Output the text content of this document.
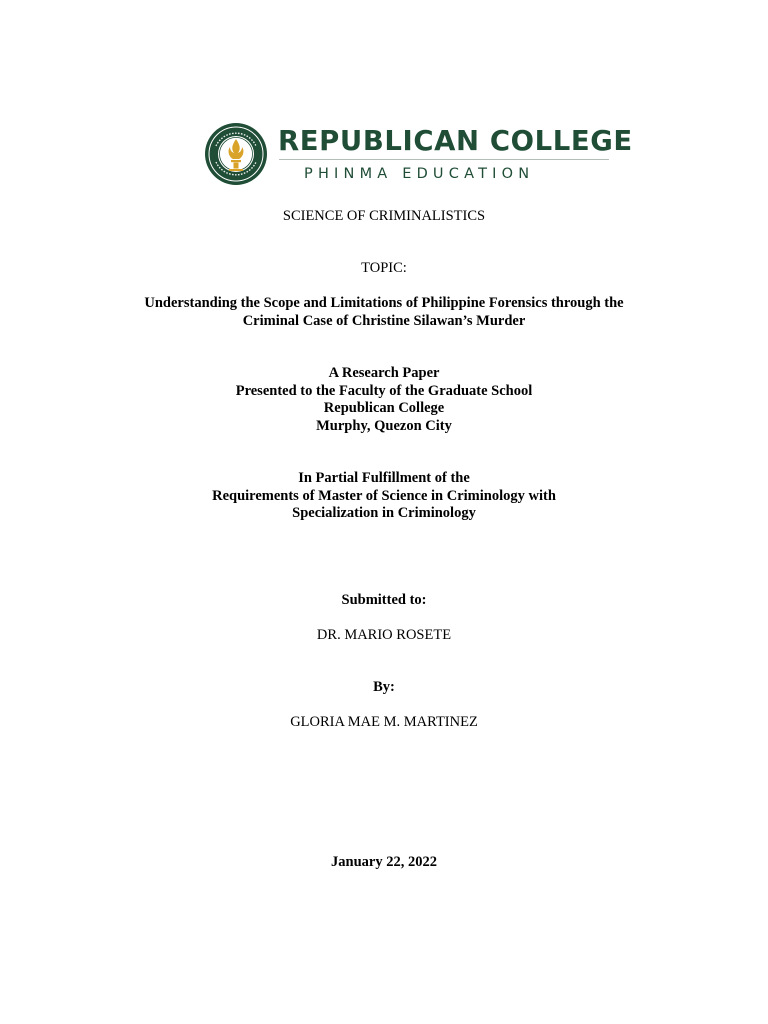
REPUBLICAN COLLEGE
PHINMA EDUCATION
SCIENCE OF CRIMINALISTICS
TOPIC:
Understanding the Scope and Limitations of Philippine Forensics through the
Criminal Case of Christine Silawan’s Murder
A Research Paper
Presented to the Faculty of the Graduate School
Republican College
Murphy, Quezon City
In Partial Fulfillment of the
Requirements of Master of Science in Criminology with
Specialization in Criminology
Submitted to:
DR. MARIO ROSETE
By:
GLORIA MAE M. MARTINEZ
January 22, 2022
